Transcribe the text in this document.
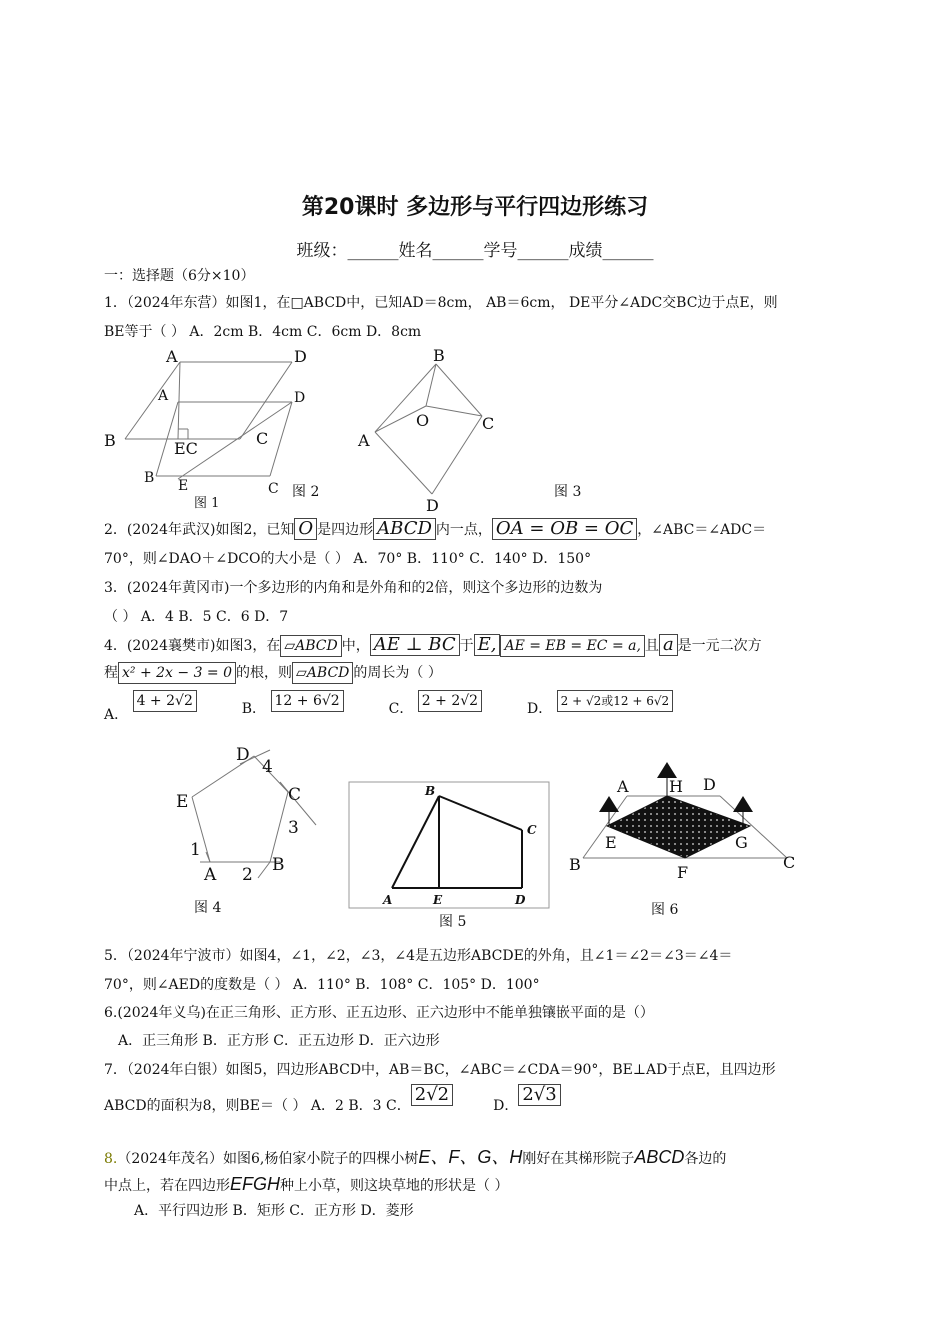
第20课时 多边形与平行四边形练习
班级：______姓名______学号______成绩______
一：选择题（6分×10）
1．（2024年东营）如图1，在□ABCD中，已知AD＝8cm， AB＝6cm， DE平分∠ADC交BC边于点E，则
BE等于（ ） A．2cm B．4cm C．6cm D．8cm
A	D
A	D
B	EC
C
B E	C
图 1
图 2
B
O	C
A
D
图 3
2．(2024年武汉)如图2，已知 O 是四边形 ABCD 内一点， OA = OB = OC ，∠ABC＝∠ADC＝
70°，则∠DAO＋∠DCO的大小是（ ） A．70° B．110° C．140° D．150°
3．(2024年黄冈市)一个多边形的内角和是外角和的2倍，则这个多边形的边数为
（ ） A．4 B．5 C．6 D．7
4．(2024襄樊市)如图3，在 ▱ABCD 中， AE ⊥ BC 于 E, AE = EB = EC = a, 且 a 是一元二次方
程 x² + 2x − 3 = 0 的根，则 ▱ABCD 的周长为（ ）
A． 4 + 2√2	B． 12 + 6√2	C． 2 + 2√2	D． 2 + √2或12 + 6√2
D
4
E	C
3
1
A 2 B
图 4
B
C
A	E	D
图 5
A	H D
E	G
B	F
C
图 6
5．（2024年宁波市）如图4，∠1，∠2，∠3，∠4是五边形ABCDE的外角，且∠1＝∠2＝∠3＝∠4＝
70°，则∠AED的度数是（ ） A．110° B．108° C．105° D．100°
6.(2024年义乌)在正三角形、正方形、正五边形、正六边形中不能单独镶嵌平面的是（）
A．正三角形 B．正方形 C．正五边形 D．正六边形
7．（2024年白银）如图5，四边形ABCD中，AB＝BC，∠ABC＝∠CDA＝90°，BE⊥AD于点E，且四边形
ABCD的面积为8，则BE＝（ ） A．2 B．3 C．2√2D．2√3
8.（2024年茂名）如图6,杨伯家小院子的四棵小树E、F、G、H刚好在其梯形院子ABCD各边的
中点上，若在四边形EFGH种上小草，则这块草地的形状是（ ）
A．平行四边形 B．矩形 C．正方形 D．菱形
